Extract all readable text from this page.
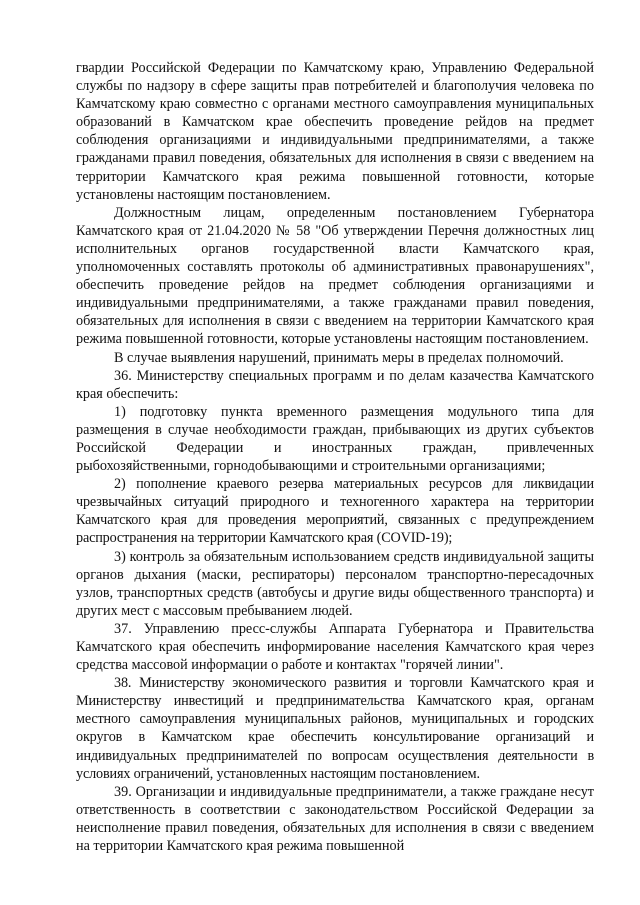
гвардии Российской Федерации по Камчатскому краю, Управлению Федеральной службы по надзору в сфере защиты прав потребителей и благополучия человека по Камчатскому краю совместно с органами местного самоуправления муниципальных образований в Камчатском крае обеспечить проведение рейдов на предмет соблюдения организациями и индивидуальными предпринимателями, а также гражданами правил поведения, обязательных для исполнения в связи с введением на территории Камчатского края режима повышенной готовности, которые установлены настоящим постановлением.

Должностным лицам, определенным постановлением Губернатора Камчатского края от 21.04.2020 № 58 "Об утверждении Перечня должностных лиц исполнительных органов государственной власти Камчатского края, уполномоченных составлять протоколы об административных правонарушениях", обеспечить проведение рейдов на предмет соблюдения организациями и индивидуальными предпринимателями, а также гражданами правил поведения, обязательных для исполнения в связи с введением на территории Камчатского края режима повышенной готовности, которые установлены настоящим постановлением.

В случае выявления нарушений, принимать меры в пределах полномочий.

36. Министерству специальных программ и по делам казачества Камчатского края обеспечить:

1) подготовку пункта временного размещения модульного типа для размещения в случае необходимости граждан, прибывающих из других субъектов Российской Федерации и иностранных граждан, привлеченных рыбохозяйственными, горнодобывающими и строительными организациями;

2) пополнение краевого резерва материальных ресурсов для ликвидации чрезвычайных ситуаций природного и техногенного характера на территории Камчатского края для проведения мероприятий, связанных с предупреждением распространения на территории Камчатского края (COVID-19);

3) контроль за обязательным использованием средств индивидуальной защиты органов дыхания (маски, респираторы) персоналом транспортно-пересадочных узлов, транспортных средств (автобусы и другие виды общественного транспорта) и других мест с массовым пребыванием людей.

37. Управлению пресс-службы Аппарата Губернатора и Правительства Камчатского края обеспечить информирование населения Камчатского края через средства массовой информации о работе и контактах "горячей линии".

38. Министерству экономического развития и торговли Камчатского края и Министерству инвестиций и предпринимательства Камчатского края, органам местного самоуправления муниципальных районов, муниципальных и городских округов в Камчатском крае обеспечить консультирование организаций и индивидуальных предпринимателей по вопросам осуществления деятельности в условиях ограничений, установленных настоящим постановлением.

39. Организации и индивидуальные предприниматели, а также граждане несут ответственность в соответствии с законодательством Российской Федерации за неисполнение правил поведения, обязательных для исполнения в связи с введением на территории Камчатского края режима повышенной
